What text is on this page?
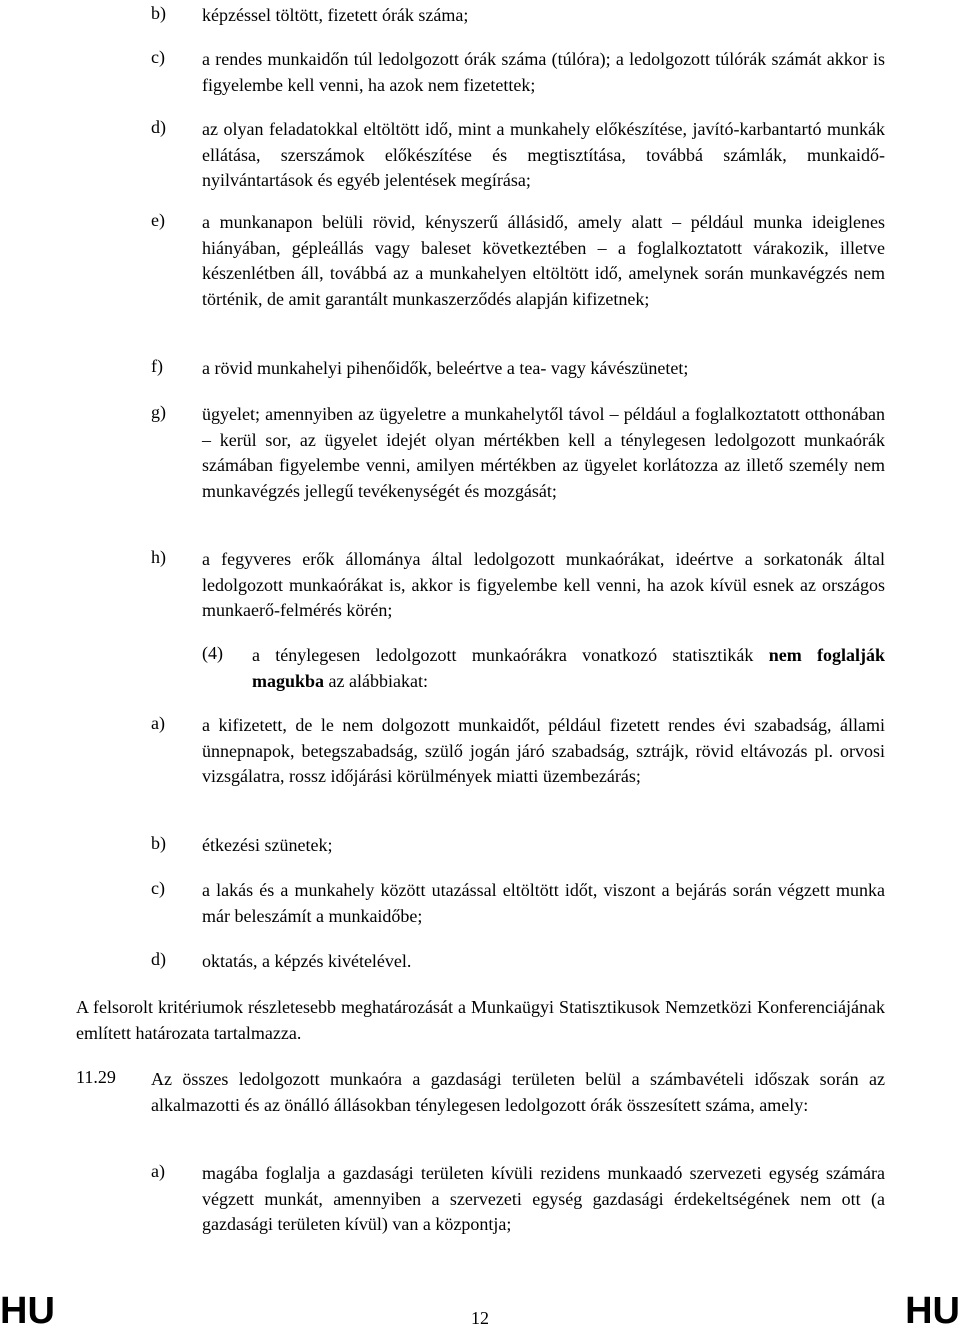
b) képzéssel töltött, fizetett órák száma;
c) a rendes munkaidőn túl ledolgozott órák száma (túlóra); a ledolgozott túlórák számát akkor is figyelembe kell venni, ha azok nem fizetettek;
d) az olyan feladatokkal eltöltött idő, mint a munkahely előkészítése, javító-karbantartó munkák ellátása, szerszámok előkészítése és megtisztítása, továbbá számlák, munkaidő-nyilvántartások és egyéb jelentések megírása;
e) a munkanapon belüli rövid, kényszerű állásidő, amely alatt – például munka ideiglenes hiányában, gépleállás vagy baleset következtében – a foglalkoztatott várakozik, illetve készenlétben áll, továbbá az a munkahelyen eltöltött idő, amelynek során munkavégzés nem történik, de amit garantált munkaszerződés alapján kifizetnek;
f) a rövid munkahelyi pihenőidők, beleértve a tea- vagy kávészünetet;
g) ügyelet; amennyiben az ügyeletre a munkahelytől távol – például a foglalkoztatott otthonában – kerül sor, az ügyelet idejét olyan mértékben kell a ténylegesen ledolgozott munkaórák számában figyelembe venni, amilyen mértékben az ügyelet korlátozza az illető személy nem munkavégzés jellegű tevékenységét és mozgását;
h) a fegyveres erők állománya által ledolgozott munkaórákat, ideértve a sorkatonák által ledolgozott munkaórákat is, akkor is figyelembe kell venni, ha azok kívül esnek az országos munkaerő-felmérés körén;
(4) a ténylegesen ledolgozott munkaórákra vonatkozó statisztikák nem foglalják magukba az alábbiakat:
a) a kifizetett, de le nem dolgozott munkaidőt, például fizetett rendes évi szabadság, állami ünnepnapok, betegszabadság, szülő jogán járó szabadság, sztrájk, rövid eltávozás pl. orvosi vizsgálatra, rossz időjárási körülmények miatti üzembezárás;
b) étkezési szünetek;
c) a lakás és a munkahely között utazással eltöltött időt, viszont a bejárás során végzett munka már beleszámít a munkaidőbe;
d) oktatás, a képzés kivételével.
A felsorolt kritériumok részletesebb meghatározását a Munkaügyi Statisztikusok Nemzetközi Konferenciájának említett határozata tartalmazza.
11.29 Az összes ledolgozott munkaóra a gazdasági területen belül a számbavételi időszak során az alkalmazotti és az önálló állásokban ténylegesen ledolgozott órák összesített száma, amely:
a) magába foglalja a gazdasági területen kívüli rezidens munkaadó szervezeti egység számára végzett munkát, amennyiben a szervezeti egység gazdasági érdekeltségének nem ott (a gazdasági területen kívül) van a központja;
HU	12	HU
